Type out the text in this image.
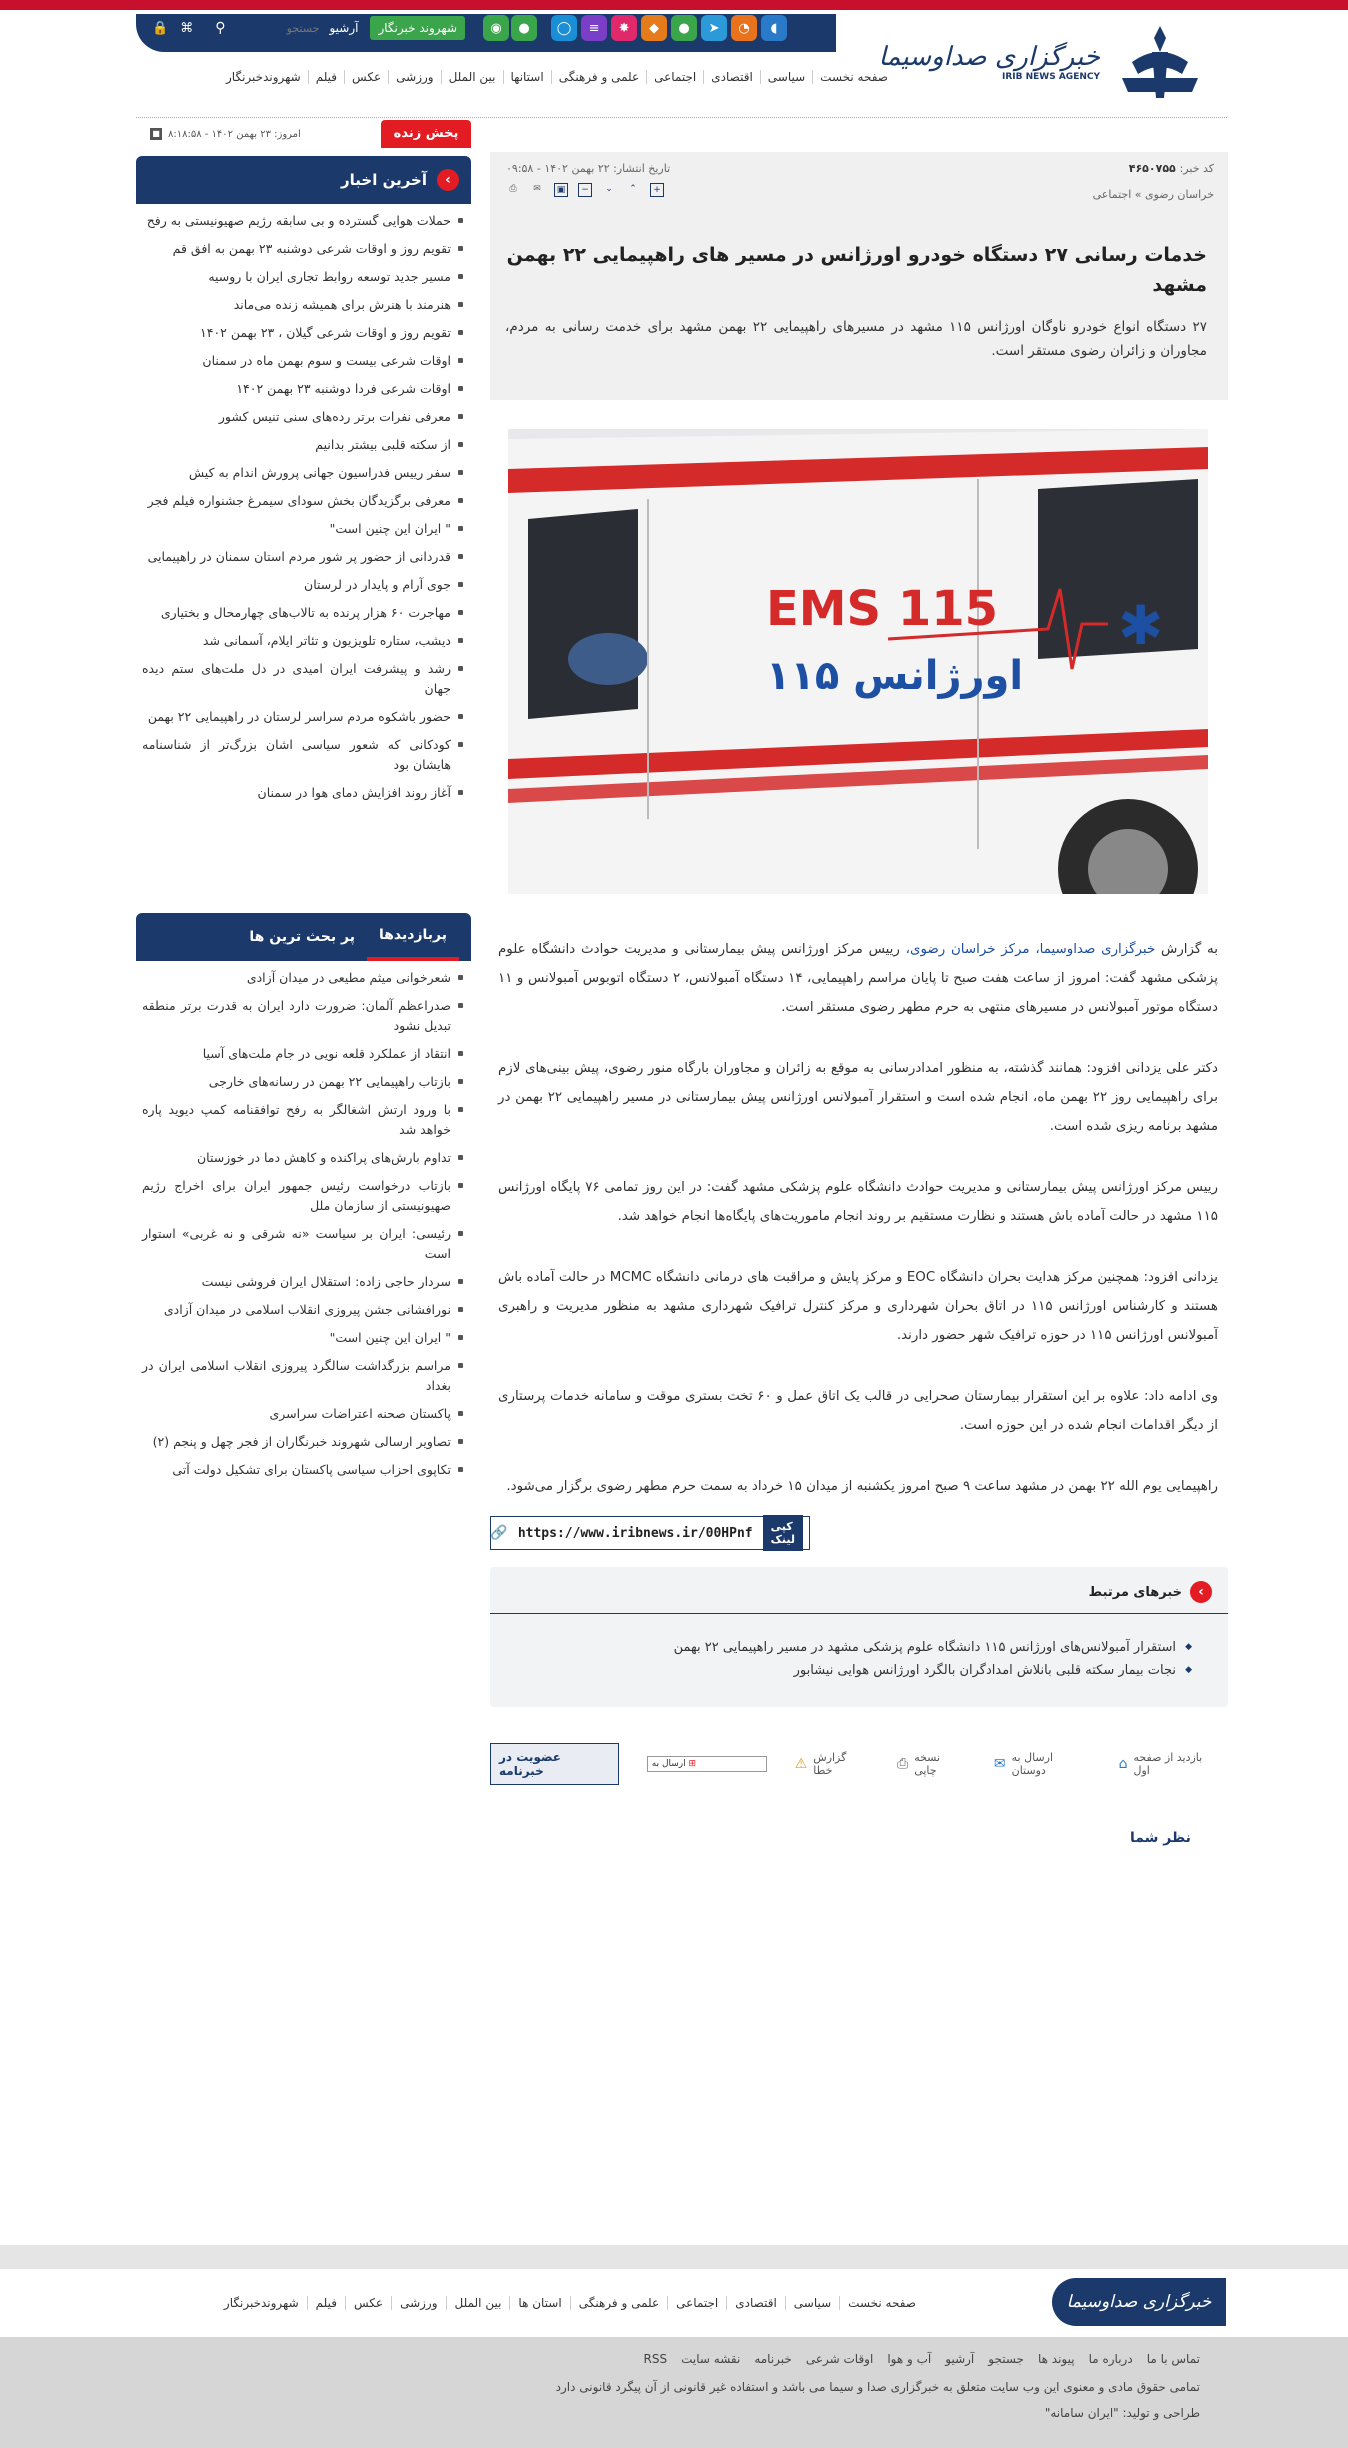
🔒 ⌘ ⚲
جستجو	آرشیو	شهروند خبرنگار	◉	●	◯	≡	✸	◆	●	➤	◔	◖
خبرگزاری صداوسیما
IRIB NEWS AGENCY
صفحه نخست
سیاسی
اقتصادی
اجتماعی
علمی و فرهنگی
استانها
بین الملل
ورزشی
عکس
فیلم
شهروندخبرنگار
پخش زنده
■ امروز: ۲۳ بهمن ۱۴۰۲ - ۸:۱۸:۵۸
آخرین اخبار	‹
حملات هوایی گسترده و بی سابقه رژیم صهیونیستی به رفح
تقویم روز و اوقات شرعی دوشنبه ۲۳ بهمن به افق قم
مسیر جدید توسعه روابط تجاری ایران با روسیه
هنرمند با هنرش برای همیشه زنده می‌ماند
تقویم روز و اوقات شرعی گیلان ، ۲۳ بهمن ۱۴۰۲
اوقات شرعی بیست و سوم بهمن ماه در سمنان
اوقات شرعی فردا دوشنبه ۲۳ بهمن ۱۴۰۲
معرفی نفرات برتر رده‌های سنی تنیس کشور
از سکته قلبی بیشتر بدانیم
سفر رییس فدراسیون جهانی پرورش اندام به کیش
معرفی برگزیدگان بخش سودای سیمرغ جشنواره فیلم فجر
" ایران این چنین است"
قدردانی از حضور پر شور مردم استان سمنان در راهپیمایی
جوی آرام و پایدار در لرستان
مهاجرت ۶۰ هزار پرنده به تالاب‌های چهارمحال و بختیاری
دیشب، ستاره تلویزیون و تئاتر ایلام، آسمانی شد
رشد و پیشرفت ایران امیدی در دل ملت‌های ستم دیده جهان
حضور باشکوه مردم سراسر لرستان در راهپیمایی ۲۲ بهمن
کودکانی که شعور سیاسی اشان بزرگ‌تر از شناسنامه هایشان بود
آغاز روند افزایش دمای هوا در سمنان
پربازدیدها
پر بحث ترین ها
شعرخوانی میثم مطیعی در میدان آزادی
صدراعظم آلمان: ضرورت دارد ایران به قدرت برتر منطقه تبدیل نشود
انتقاد از عملکرد قلعه نویی در جام ملت‌های آسیا
بازتاب راهپیمایی ۲۲ بهمن در رسانه‌های خارجی
با ورود ارتش اشغالگر به رفح توافقنامه کمپ دیوید پاره خواهد شد
تداوم بارش‌های پراکنده و کاهش دما در خوزستان
بازتاب درخواست رئیس جمهور ایران برای اخراج رژیم صهیونیستی از سازمان ملل
رئیسی: ایران بر سیاست «نه شرقی و نه غربی» استوار است
سردار حاجی زاده: استقلال ایران فروشی نیست
نورافشانی جشن پیروزی انقلاب اسلامی در میدان آزادی
" ایران این چنین است"
مراسم بزرگداشت سالگرد پیروزی انقلاب اسلامی ایران در بغداد
پاکستان صحنه اعتراضات سراسری
تصاویر ارسالی شهروند خبرنگاران از فجر چهل و پنجم (۲)
تکاپوی احزاب سیاسی پاکستان برای تشکیل دولت آتی
کد خبر: ۴۶۵۰۷۵۵
تاریخ انتشار: ۲۲ بهمن ۱۴۰۲ - ۰۹:۵۸
خراسان رضوی » اجتماعی
⎙	✉	▣	−	⌄	⌃	+
خدمات رسانی ۲۷ دستگاه خودرو اورژانس در مسیر های راهپیمایی ۲۲ بهمن مشهد
۲۷ دستگاه انواع خودرو ناوگان اورژانس ۱۱۵ مشهد در مسیرهای راهپیمایی ۲۲ بهمن مشهد برای خدمت رسانی به مردم، مجاوران و زائران رضوی مستقر است.
✱
EMS 115
اورژانس ۱۱۵

به گزارش خبرگزاری صداوسیما، مرکز خراسان رضوی، رییس مرکز اورژانس پیش بیمارستانی و مدیریت حوادث دانشگاه علوم پزشکی مشهد گفت: امروز از ساعت هفت صبح تا پایان مراسم راهپیمایی، ۱۴ دستگاه آمبولانس، ۲ دستگاه اتوبوس آمبولانس و ۱۱ دستگاه موتور آمبولانس در مسیرهای منتهی به حرم مطهر رضوی مستقر است.

دکتر علی یزدانی افزود: همانند گذشته، به منظور امدادرسانی به موقع به زائران و مجاوران بارگاه منور رضوی، پیش بینی‌های لازم برای راهپیمایی روز ۲۲ بهمن ماه، انجام شده است و استقرار آمبولانس اورژانس پیش بیمارستانی در مسیر راهپیمایی ۲۲ بهمن در مشهد برنامه ریزی شده است.

رییس مرکز اورژانس پیش بیمارستانی و مدیریت حوادث دانشگاه علوم پزشکی مشهد گفت: در این روز تمامی ۷۶ پایگاه اورژانس ۱۱۵ مشهد در حالت آماده باش هستند و نظارت مستقیم بر روند انجام ماموریت‌های پایگاه‌ها انجام خواهد شد.

یزدانی افزود: همچنین مرکز هدایت بحران دانشگاه EOC و مرکز پایش و مراقبت های درمانی دانشگاه MCMC در حالت آماده باش هستند و کارشناس اورژانس ۱۱۵ در اتاق بحران شهرداری و مرکز کنترل ترافیک شهرداری مشهد به منظور مدیریت و راهبری آمبولانس اورژانس ۱۱۵ در حوزه ترافیک شهر حضور دارند.

وی ادامه داد: علاوه بر این استقرار بیمارستان صحرایی در قالب یک اتاق عمل و ۶۰ تخت بستری موقت و سامانه خدمات پرستاری از دیگر اقدامات انجام شده در این حوزه است.

راهپیمایی یوم الله ۲۲ بهمن در مشهد ساعت ۹ صبح امروز یکشنبه از میدان ۱۵ خرداد به سمت حرم مطهر رضوی برگزار می‌شود.

کپی لینک
https://www.iribnews.ir/00HPnf
🔗
‹
خبرهای مرتبط
◆ استقرار آمبولانس‌های اورژانس ۱۱۵ دانشگاه علوم پزشکی مشهد در مسیر راهپیمایی ۲۲ بهمن
◆ نجات بیمار سکته قلبی بانلاش امدادگران بالگرد اورژانس هوایی نیشابور
⌂ بازدید از صفحه اول
✉ ارسال به دوستان
⎙ نسخه چاپی
⚠ گزارش خطا
ارسال به ⊞
عضویت در خبرنامه
نظر شما
خبرگزاری صداوسیما
صفحه نخست
سیاسی
اقتصادی
اجتماعی
علمی و فرهنگی
استان ها
بین الملل
ورزشی
عکس
فیلم
شهروندخبرنگار
تماس با ما
درباره ما
پیوند ها
جستجو
آرشیو
آب و هوا
اوقات شرعی
خبرنامه
نقشه سایت
RSS
تمامی حقوق مادی و معنوی این وب سایت متعلق به خبرگزاری صدا و سیما می باشد و استفاده غیر قانونی از آن پیگرد قانونی دارد
طراحی و تولید: "ایران سامانه"
